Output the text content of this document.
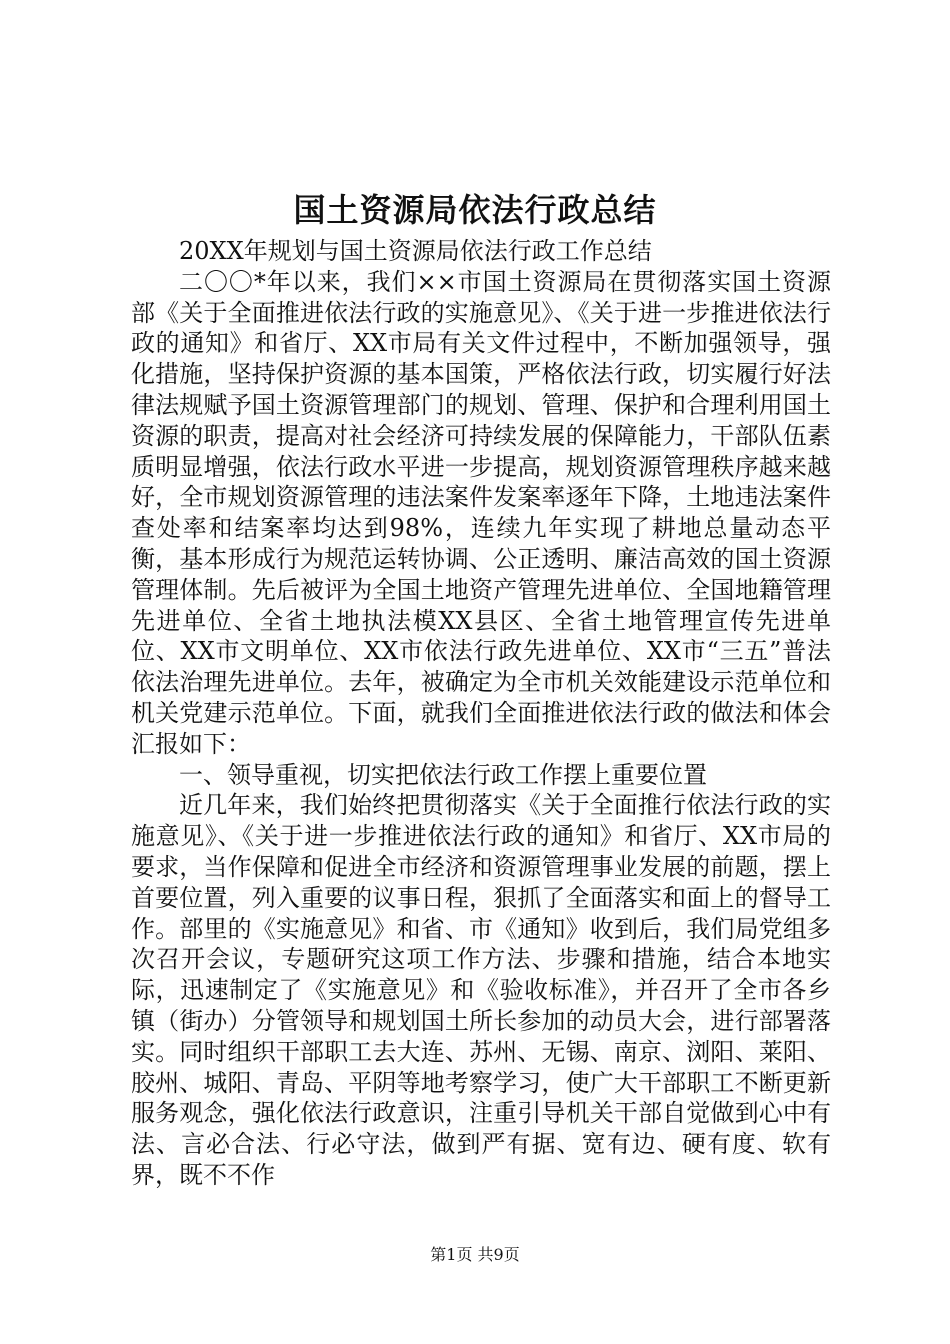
国土资源局依法行政总结

20XX年规划与国土资源局依法行政工作总结

二〇〇*年以来，我们××市国土资源局在贯彻落实国土资源部《关于全面推进依法行政的实施意见》、《关于进一步推进依法行政的通知》和省厅、XX市局有关文件过程中，不断加强领导，强化措施，坚持保护资源的基本国策，严格依法行政，切实履行好法律法规赋予国土资源管理部门的规划、管理、保护和合理利用国土资源的职责，提高对社会经济可持续发展的保障能力，干部队伍素质明显增强，依法行政水平进一步提高，规划资源管理秩序越来越好，全市规划资源管理的违法案件发案率逐年下降，土地违法案件查处率和结案率均达到98%，连续九年实现了耕地总量动态平衡，基本形成行为规范运转协调、公正透明、廉洁高效的国土资源管理体制。先后被评为全国土地资产管理先进单位、全国地籍管理先进单位、全省土地执法模XX县区、全省土地管理宣传先进单位、XX市文明单位、XX市依法行政先进单位、XX市“三五”普法依法治理先进单位。去年，被确定为全市机关效能建设示范单位和机关党建示范单位。下面，就我们全面推进依法行政的做法和体会汇报如下：

一、领导重视，切实把依法行政工作摆上重要位置

近几年来，我们始终把贯彻落实《关于全面推行依法行政的实施意见》、《关于进一步推进依法行政的通知》和省厅、XX市局的要求，当作保障和促进全市经济和资源管理事业发展的前题，摆上首要位置，列入重要的议事日程，狠抓了全面落实和面上的督导工作。部里的《实施意见》和省、市《通知》收到后，我们局党组多次召开会议，专题研究这项工作方法、步骤和措施，结合本地实际，迅速制定了《实施意见》和《验收标准》，并召开了全市各乡镇（街办）分管领导和规划国土所长参加的动员大会，进行部署落实。同时组织干部职工去大连、苏州、无锡、南京、浏阳、莱阳、胶州、城阳、青岛、平阴等地考察学习，使广大干部职工不断更新服务观念，强化依法行政意识，注重引导机关干部自觉做到心中有法、言必合法、行必守法，做到严有据、宽有边、硬有度、软有界，既不不作

第1页 共9页
